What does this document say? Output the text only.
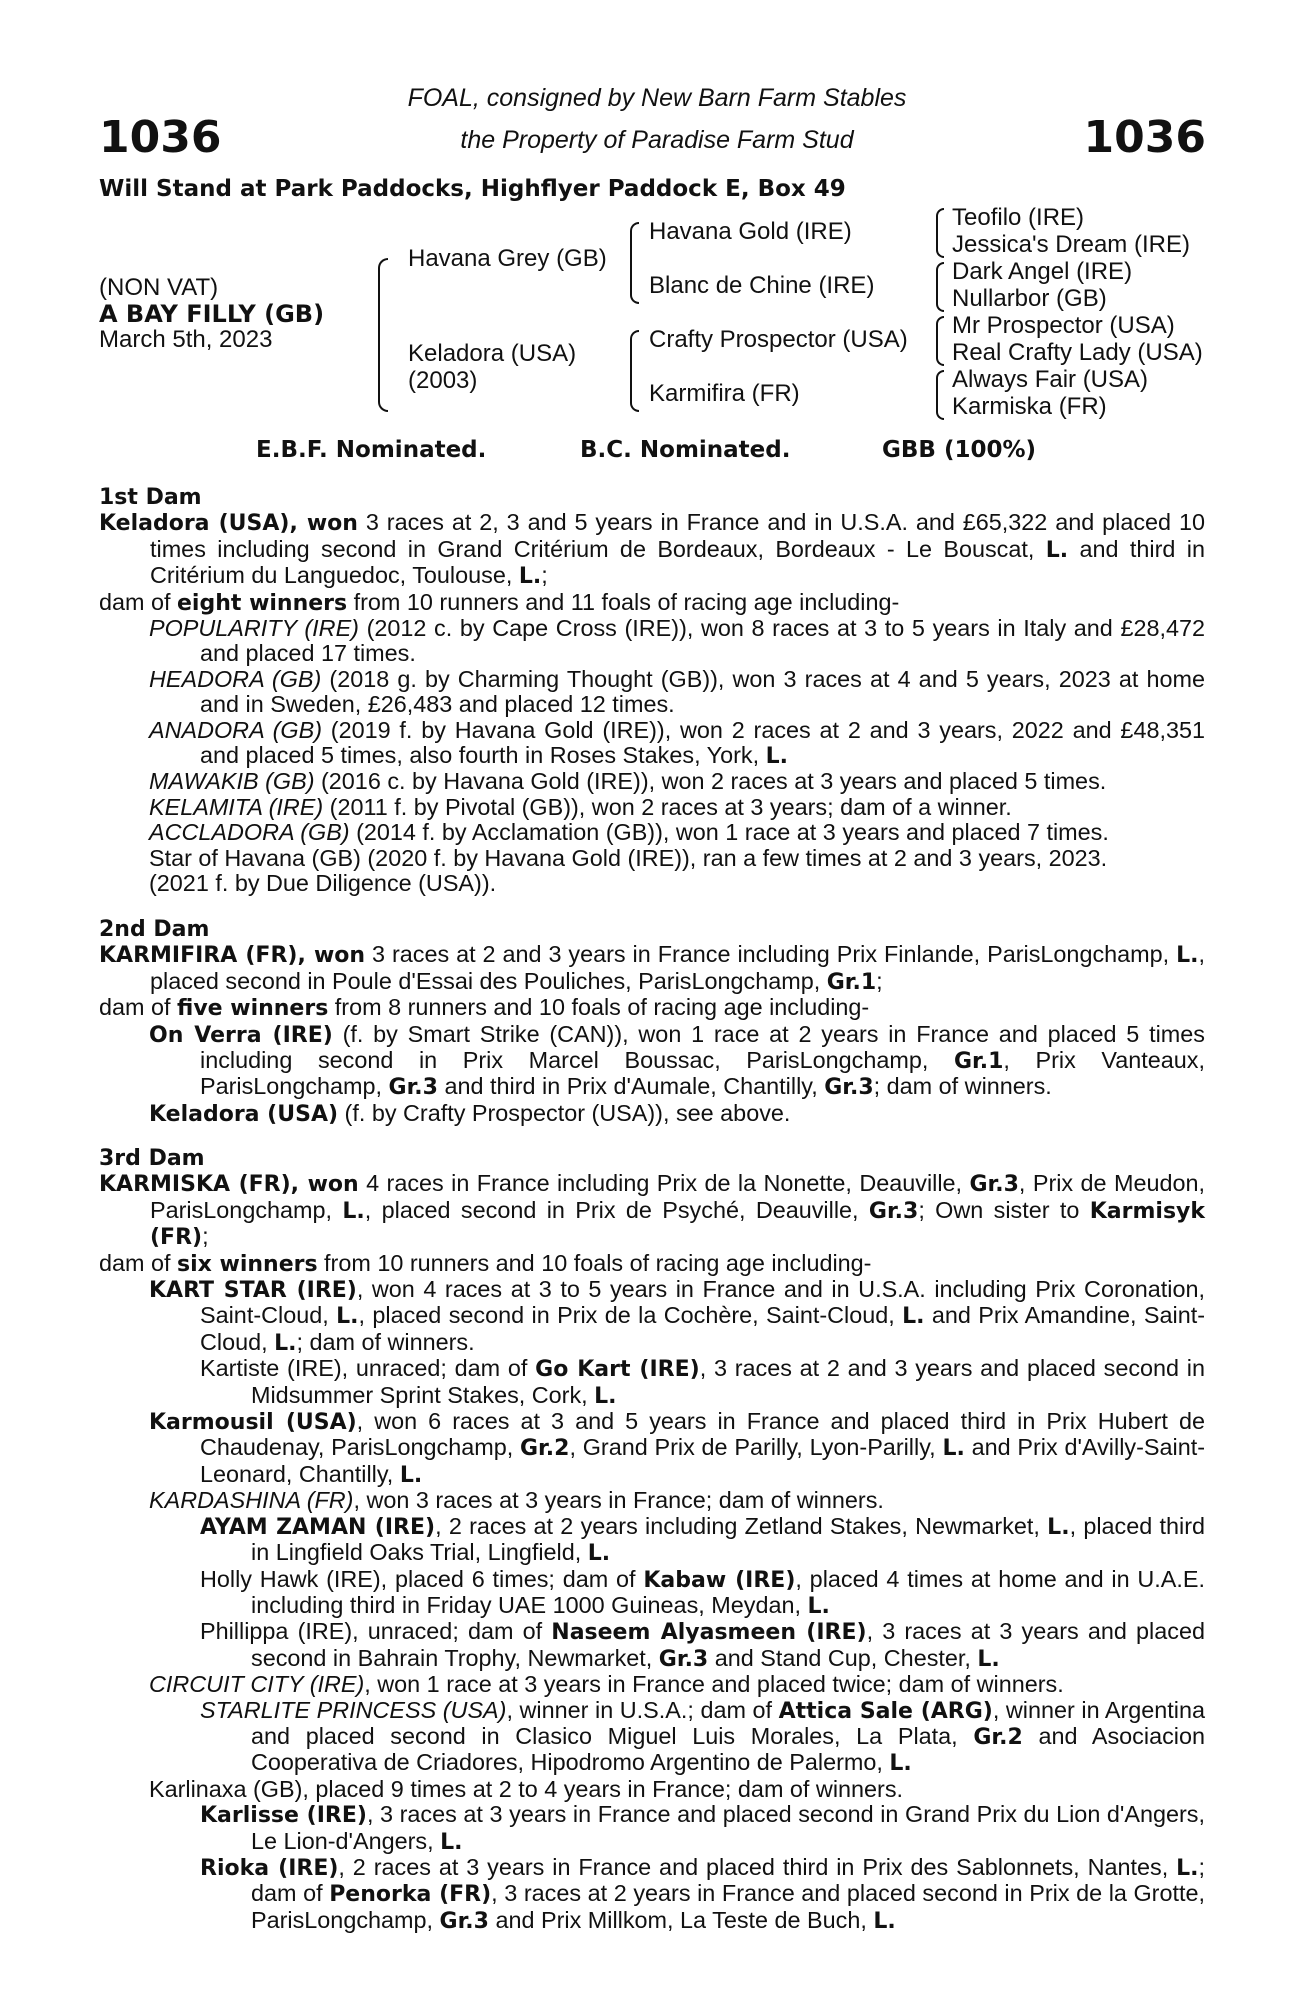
1036	1036
FOAL, consigned by New Barn Farm Stables
the Property of Paradise Farm Stud
Will Stand at Park Paddocks, Highflyer Paddock E, Box 49
(NON VAT)
A BAY FILLY (GB)
March 5th, 2023
Havana Grey (GB)
Keladora (USA)
(2003)
Havana Gold (IRE)
Blanc de Chine (IRE)
Crafty Prospector (USA)
Karmifira (FR)
Teofilo (IRE)
Jessica's Dream (IRE)
Dark Angel (IRE)
Nullarbor (GB)
Mr Prospector (USA)
Real Crafty Lady (USA)
Always Fair (USA)
Karmiska (FR)
E.B.F. Nominated.	B.C. Nominated.	GBB (100%)
1st Dam

Keladora (USA), won 3 races at 2, 3 and 5 years in France and in U.S.A. and £65,322 and placed 10 times including second in Grand Critérium de Bordeaux, Bordeaux - Le Bouscat, L. and third in Critérium du Languedoc, Toulouse, L.;

dam of eight winners from 10 runners and 11 foals of racing age including-

POPULARITY (IRE) (2012 c. by Cape Cross (IRE)), won 8 races at 3 to 5 years in Italy and £28,472 and placed 17 times.

HEADORA (GB) (2018 g. by Charming Thought (GB)), won 3 races at 4 and 5 years, 2023 at home and in Sweden, £26,483 and placed 12 times.

ANADORA (GB) (2019 f. by Havana Gold (IRE)), won 2 races at 2 and 3 years, 2022 and £48,351 and placed 5 times, also fourth in Roses Stakes, York, L.

MAWAKIB (GB) (2016 c. by Havana Gold (IRE)), won 2 races at 3 years and placed 5 times.

KELAMITA (IRE) (2011 f. by Pivotal (GB)), won 2 races at 3 years; dam of a winner.

ACCLADORA (GB) (2014 f. by Acclamation (GB)), won 1 race at 3 years and placed 7 times.

Star of Havana (GB) (2020 f. by Havana Gold (IRE)), ran a few times at 2 and 3 years, 2023.

(2021 f. by Due Diligence (USA)).

2nd Dam

KARMIFIRA (FR), won 3 races at 2 and 3 years in France including Prix Finlande, ParisLongchamp, L., placed second in Poule d'Essai des Pouliches, ParisLongchamp, Gr.1;

dam of five winners from 8 runners and 10 foals of racing age including-

On Verra (IRE) (f. by Smart Strike (CAN)), won 1 race at 2 years in France and placed 5 times including second in Prix Marcel Boussac, ParisLongchamp, Gr.1, Prix Vanteaux, ParisLongchamp, Gr.3 and third in Prix d'Aumale, Chantilly, Gr.3; dam of winners.

Keladora (USA) (f. by Crafty Prospector (USA)), see above.

3rd Dam

KARMISKA (FR), won 4 races in France including Prix de la Nonette, Deauville, Gr.3, Prix de Meudon, ParisLongchamp, L., placed second in Prix de Psyché, Deauville, Gr.3; Own sister to Karmisyk (FR);

dam of six winners from 10 runners and 10 foals of racing age including-

KART STAR (IRE), won 4 races at 3 to 5 years in France and in U.S.A. including Prix Coronation, Saint-Cloud, L., placed second in Prix de la Cochère, Saint-Cloud, L. and Prix Amandine, Saint-Cloud, L.; dam of winners.

Kartiste (IRE), unraced; dam of Go Kart (IRE), 3 races at 2 and 3 years and placed second in Midsummer Sprint Stakes, Cork, L.

Karmousil (USA), won 6 races at 3 and 5 years in France and placed third in Prix Hubert de Chaudenay, ParisLongchamp, Gr.2, Grand Prix de Parilly, Lyon-Parilly, L. and Prix d'Avilly-Saint-Leonard, Chantilly, L.

KARDASHINA (FR), won 3 races at 3 years in France; dam of winners.

AYAM ZAMAN (IRE), 2 races at 2 years including Zetland Stakes, Newmarket, L., placed third in Lingfield Oaks Trial, Lingfield, L.

Holly Hawk (IRE), placed 6 times; dam of Kabaw (IRE), placed 4 times at home and in U.A.E. including third in Friday UAE 1000 Guineas, Meydan, L.

Phillippa (IRE), unraced; dam of Naseem Alyasmeen (IRE), 3 races at 3 years and placed second in Bahrain Trophy, Newmarket, Gr.3 and Stand Cup, Chester, L.

CIRCUIT CITY (IRE), won 1 race at 3 years in France and placed twice; dam of winners.

STARLITE PRINCESS (USA), winner in U.S.A.; dam of Attica Sale (ARG), winner in Argentina and placed second in Clasico Miguel Luis Morales, La Plata, Gr.2 and Asociacion Cooperativa de Criadores, Hipodromo Argentino de Palermo, L.

Karlinaxa (GB), placed 9 times at 2 to 4 years in France; dam of winners.

Karlisse (IRE), 3 races at 3 years in France and placed second in Grand Prix du Lion d'Angers, Le Lion-d'Angers, L.

Rioka (IRE), 2 races at 3 years in France and placed third in Prix des Sablonnets, Nantes, L.; dam of Penorka (FR), 3 races at 2 years in France and placed second in Prix de la Grotte, ParisLongchamp, Gr.3 and Prix Millkom, La Teste de Buch, L.
